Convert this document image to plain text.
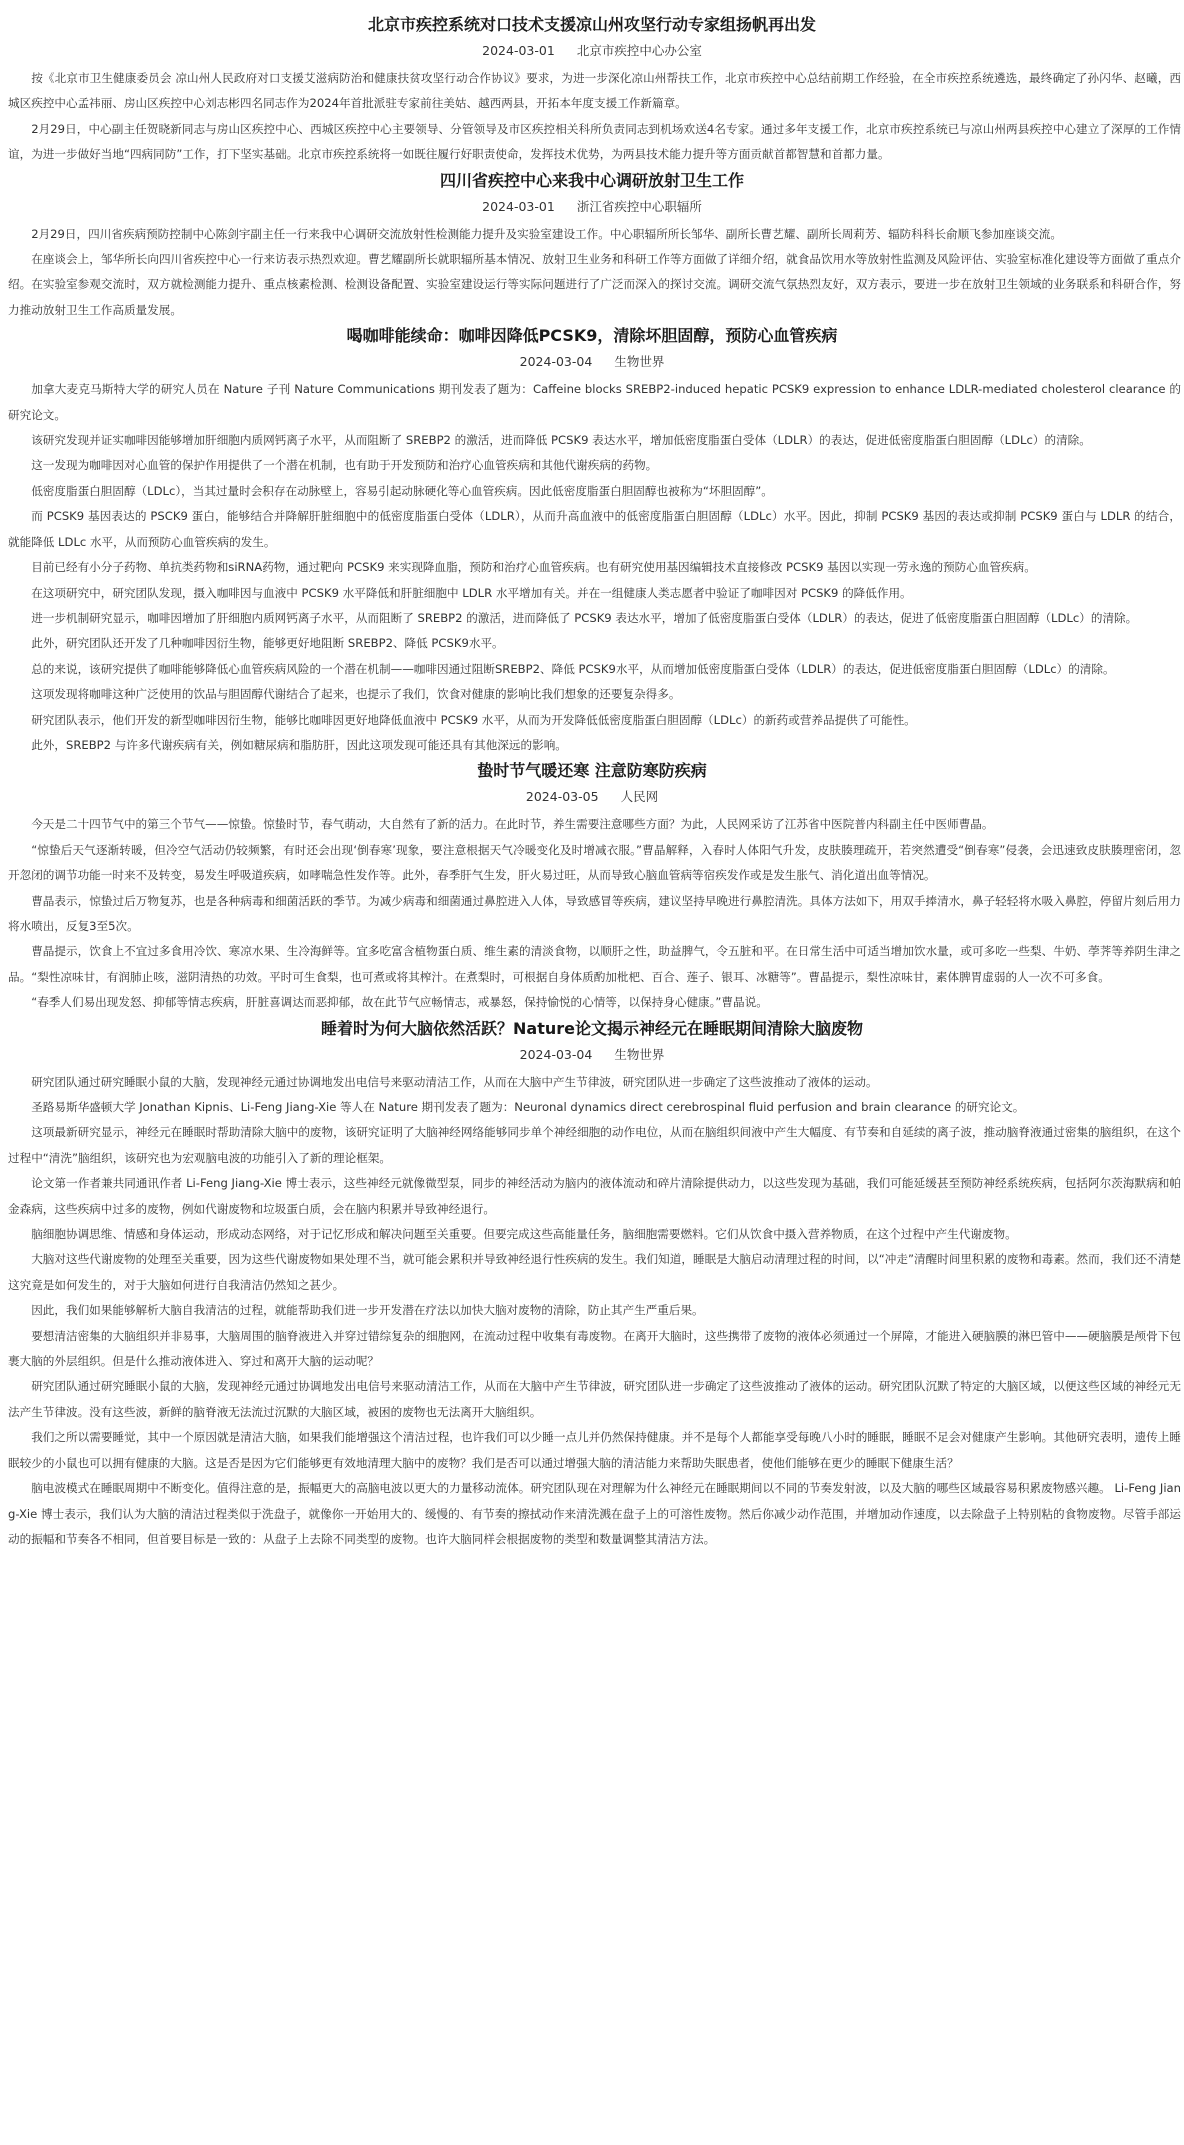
北京市疾控系统对口技术支援凉山州攻坚行动专家组扬帆再出发
2024-03-01 北京市疾控中心办公室

按《北京市卫生健康委员会 凉山州人民政府对口支援艾滋病防治和健康扶贫攻坚行动合作协议》要求，为进一步深化凉山州帮扶工作，北京市疾控中心总结前期工作经验，在全市疾控系统遴选，最终确定了孙闪华、赵曦，西城区疾控中心孟祎丽、房山区疾控中心刘志彬四名同志作为2024年首批派驻专家前往美姑、越西两县，开拓本年度支援工作新篇章。

2月29日，中心副主任贺晓新同志与房山区疾控中心、西城区疾控中心主要领导、分管领导及市区疾控相关科所负责同志到机场欢送4名专家。通过多年支援工作，北京市疾控系统已与凉山州两县疾控中心建立了深厚的工作情谊，为进一步做好当地“四病同防”工作，打下坚实基础。北京市疾控系统将一如既往履行好职责使命，发挥技术优势，为两县技术能力提升等方面贡献首都智慧和首都力量。

四川省疾控中心来我中心调研放射卫生工作
2024-03-01 浙江省疾控中心职辐所

2月29日，四川省疾病预防控制中心陈剑宇副主任一行来我中心调研交流放射性检测能力提升及实验室建设工作。中心职辐所所长邹华、副所长曹艺耀、副所长周莉芳、辐防科科长俞顺飞参加座谈交流。

在座谈会上，邹华所长向四川省疾控中心一行来访表示热烈欢迎。曹艺耀副所长就职辐所基本情况、放射卫生业务和科研工作等方面做了详细介绍，就食品饮用水等放射性监测及风险评估、实验室标准化建设等方面做了重点介绍。在实验室参观交流时，双方就检测能力提升、重点核素检测、检测设备配置、实验室建设运行等实际问题进行了广泛而深入的探讨交流。调研交流气氛热烈友好，双方表示，要进一步在放射卫生领域的业务联系和科研合作，努力推动放射卫生工作高质量发展。

喝咖啡能续命：咖啡因降低PCSK9，清除坏胆固醇，预防心血管疾病
2024-03-04 生物世界

加拿大麦克马斯特大学的研究人员在 Nature 子刊 Nature Communications 期刊发表了题为：Caffeine blocks SREBP2-induced hepatic PCSK9 expression to enhance LDLR-mediated cholesterol clearance 的研究论文。

该研究发现并证实咖啡因能够增加肝细胞内质网钙离子水平，从而阻断了 SREBP2 的激活，进而降低 PCSK9 表达水平，增加低密度脂蛋白受体（LDLR）的表达，促进低密度脂蛋白胆固醇（LDLc）的清除。

这一发现为咖啡因对心血管的保护作用提供了一个潜在机制，也有助于开发预防和治疗心血管疾病和其他代谢疾病的药物。

低密度脂蛋白胆固醇（LDLc），当其过量时会积存在动脉壁上，容易引起动脉硬化等心血管疾病。因此低密度脂蛋白胆固醇也被称为“坏胆固醇”。

而 PCSK9 基因表达的 PSCK9 蛋白，能够结合并降解肝脏细胞中的低密度脂蛋白受体（LDLR），从而升高血液中的低密度脂蛋白胆固醇（LDLc）水平。因此，抑制 PCSK9 基因的表达或抑制 PCSK9 蛋白与 LDLR 的结合，就能降低 LDLc 水平，从而预防心血管疾病的发生。

目前已经有小分子药物、单抗类药物和siRNA药物，通过靶向 PCSK9 来实现降血脂，预防和治疗心血管疾病。也有研究使用基因编辑技术直接修改 PCSK9 基因以实现一劳永逸的预防心血管疾病。

在这项研究中，研究团队发现，摄入咖啡因与血液中 PCSK9 水平降低和肝脏细胞中 LDLR 水平增加有关。并在一组健康人类志愿者中验证了咖啡因对 PCSK9 的降低作用。

进一步机制研究显示，咖啡因增加了肝细胞内质网钙离子水平，从而阻断了 SREBP2 的激活，进而降低了 PCSK9 表达水平，增加了低密度脂蛋白受体（LDLR）的表达，促进了低密度脂蛋白胆固醇（LDLc）的清除。

此外，研究团队还开发了几种咖啡因衍生物，能够更好地阻断 SREBP2、降低 PCSK9水平。

总的来说，该研究提供了咖啡能够降低心血管疾病风险的一个潜在机制——咖啡因通过阻断SREBP2、降低 PCSK9水平，从而增加低密度脂蛋白受体（LDLR）的表达，促进低密度脂蛋白胆固醇（LDLc）的清除。

这项发现将咖啡这种广泛使用的饮品与胆固醇代谢结合了起来，也提示了我们，饮食对健康的影响比我们想象的还要复杂得多。

研究团队表示，他们开发的新型咖啡因衍生物，能够比咖啡因更好地降低血液中 PCSK9 水平，从而为开发降低低密度脂蛋白胆固醇（LDLc）的新药或营养品提供了可能性。

此外，SREBP2 与许多代谢疾病有关，例如糖尿病和脂肪肝，因此这项发现可能还具有其他深远的影响。

蛰时节气暖还寒 注意防寒防疾病
2024-03-05 人民网

今天是二十四节气中的第三个节气——惊蛰。惊蛰时节，春气萌动，大自然有了新的活力。在此时节，养生需要注意哪些方面？为此，人民网采访了江苏省中医院普内科副主任中医师曹晶。

“惊蛰后天气逐渐转暖，但冷空气活动仍较频繁，有时还会出现‘倒春寒’现象，要注意根据天气冷暖变化及时增减衣服。”曹晶解释，入春时人体阳气升发，皮肤腠理疏开，若突然遭受“倒春寒”侵袭，会迅速致皮肤腠理密闭，忽开忽闭的调节功能一时来不及转变，易发生呼吸道疾病，如哮喘急性发作等。此外，春季肝气生发，肝火易过旺，从而导致心脑血管病等宿疾发作或是发生胀气、消化道出血等情况。

曹晶表示，惊蛰过后万物复苏，也是各种病毒和细菌活跃的季节。为减少病毒和细菌通过鼻腔进入人体，导致感冒等疾病，建议坚持早晚进行鼻腔清洗。具体方法如下，用双手捧清水，鼻子轻轻将水吸入鼻腔，停留片刻后用力将水喷出，反复3至5次。

曹晶提示，饮食上不宜过多食用冷饮、寒凉水果、生冷海鲜等。宜多吃富含植物蛋白质、维生素的清淡食物，以顺肝之性，助益脾气，令五脏和平。在日常生活中可适当增加饮水量，或可多吃一些梨、牛奶、荸荠等养阴生津之品。“梨性凉味甘，有润肺止咳，滋阴清热的功效。平时可生食梨，也可煮或将其榨汁。在煮梨时，可根据自身体质酌加枇杷、百合、莲子、银耳、冰糖等”。曹晶提示，梨性凉味甘，素体脾胃虚弱的人一次不可多食。

“春季人们易出现发怒、抑郁等情志疾病，肝脏喜调达而恶抑郁，故在此节气应畅情志，戒暴怒，保持愉悦的心情等，以保持身心健康。”曹晶说。

睡着时为何大脑依然活跃？Nature论文揭示神经元在睡眠期间清除大脑废物
2024-03-04 生物世界

研究团队通过研究睡眠小鼠的大脑，发现神经元通过协调地发出电信号来驱动清洁工作，从而在大脑中产生节律波，研究团队进一步确定了这些波推动了液体的运动。

圣路易斯华盛顿大学 Jonathan Kipnis、Li-Feng Jiang-Xie 等人在 Nature 期刊发表了题为：Neuronal dynamics direct cerebrospinal fluid perfusion and brain clearance 的研究论文。

这项最新研究显示，神经元在睡眠时帮助清除大脑中的废物，该研究证明了大脑神经网络能够同步单个神经细胞的动作电位，从而在脑组织间液中产生大幅度、有节奏和自延续的离子波，推动脑脊液通过密集的脑组织，在这个过程中“清洗”脑组织，该研究也为宏观脑电波的功能引入了新的理论框架。

论文第一作者兼共同通讯作者 Li-Feng Jiang-Xie 博士表示，这些神经元就像微型泵，同步的神经活动为脑内的液体流动和碎片清除提供动力，以这些发现为基础，我们可能延缓甚至预防神经系统疾病，包括阿尔茨海默病和帕金森病，这些疾病中过多的废物，例如代谢废物和垃圾蛋白质，会在脑内积累并导致神经退行。

脑细胞协调思维、情感和身体运动，形成动态网络，对于记忆形成和解决问题至关重要。但要完成这些高能量任务，脑细胞需要燃料。它们从饮食中摄入营养物质，在这个过程中产生代谢废物。

大脑对这些代谢废物的处理至关重要，因为这些代谢废物如果处理不当，就可能会累积并导致神经退行性疾病的发生。我们知道，睡眠是大脑启动清理过程的时间，以“冲走”清醒时间里积累的废物和毒素。然而，我们还不清楚这究竟是如何发生的，对于大脑如何进行自我清洁仍然知之甚少。

因此，我们如果能够解析大脑自我清洁的过程，就能帮助我们进一步开发潜在疗法以加快大脑对废物的清除，防止其产生严重后果。

要想清洁密集的大脑组织并非易事，大脑周围的脑脊液进入并穿过错综复杂的细胞网，在流动过程中收集有毒废物。在离开大脑时，这些携带了废物的液体必须通过一个屏障，才能进入硬脑膜的淋巴管中——硬脑膜是颅骨下包裹大脑的外层组织。但是什么推动液体进入、穿过和离开大脑的运动呢？

研究团队通过研究睡眠小鼠的大脑，发现神经元通过协调地发出电信号来驱动清洁工作，从而在大脑中产生节律波，研究团队进一步确定了这些波推动了液体的运动。研究团队沉默了特定的大脑区域，以便这些区域的神经元无法产生节律波。没有这些波，新鲜的脑脊液无法流过沉默的大脑区域，被困的废物也无法离开大脑组织。

我们之所以需要睡觉，其中一个原因就是清洁大脑，如果我们能增强这个清洁过程，也许我们可以少睡一点儿并仍然保持健康。并不是每个人都能享受每晚八小时的睡眠，睡眠不足会对健康产生影响。其他研究表明，遗传上睡眠较少的小鼠也可以拥有健康的大脑。这是否是因为它们能够更有效地清理大脑中的废物？我们是否可以通过增强大脑的清洁能力来帮助失眠患者，使他们能够在更少的睡眠下健康生活？

脑电波模式在睡眠周期中不断变化。值得注意的是，振幅更大的高脑电波以更大的力量移动流体。研究团队现在对理解为什么神经元在睡眠期间以不同的节奏发射波，以及大脑的哪些区域最容易积累废物感兴趣。 Li-Feng Jiang-Xie 博士表示，我们认为大脑的清洁过程类似于洗盘子，就像你一开始用大的、缓慢的、有节奏的擦拭动作来清洗溅在盘子上的可溶性废物。然后你减少动作范围，并增加动作速度，以去除盘子上特别粘的食物废物。尽管手部运动的振幅和节奏各不相同，但首要目标是一致的：从盘子上去除不同类型的废物。也许大脑同样会根据废物的类型和数量调整其清洁方法。
